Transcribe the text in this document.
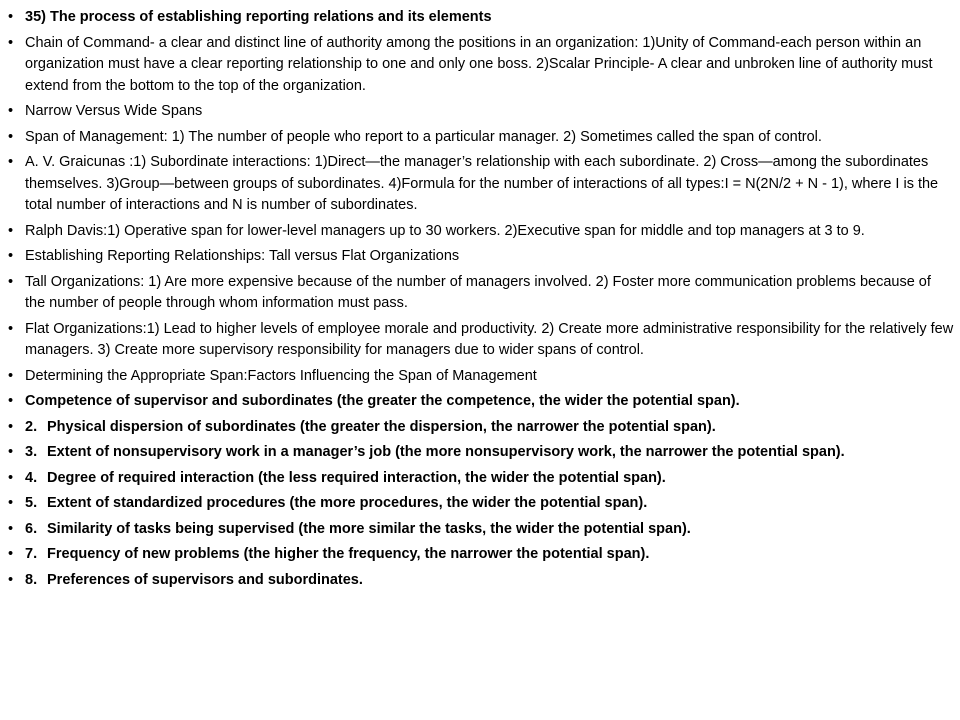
• 35) The process of establishing reporting relations and its elements
• Chain of Command- a clear and distinct line of authority among the positions in an organization: 1)Unity of Command-each person within an organization must have a clear reporting relationship to one and only one boss. 2)Scalar Principle- A clear and unbroken line of authority must extend from the bottom to the top of the organization.
• Narrow Versus Wide Spans
• Span of Management: 1) The number of people who report to a particular manager. 2) Sometimes called the span of control.
• A. V. Graicunas :1) Subordinate interactions: 1)Direct—the manager’s relationship with each subordinate. 2) Cross—among the subordinates themselves. 3)Group—between groups of subordinates. 4)Formula for the number of interactions of all types:I = N(2N/2 + N - 1), where I is the total number of interactions and N is number of subordinates.
• Ralph Davis:1) Operative span for lower-level managers up to 30 workers. 2)Executive span for middle and top managers at 3 to 9.
• Establishing Reporting Relationships: Tall versus Flat Organizations
• Tall Organizations: 1) Are more expensive because of the number of managers involved. 2) Foster more communication problems because of the number of people through whom information must pass.
• Flat Organizations:1) Lead to higher levels of employee morale and productivity. 2) Create more administrative responsibility for the relatively few managers. 3) Create more supervisory responsibility for managers due to wider spans of control.
• Determining the Appropriate Span:Factors Influencing the Span of Management
• Competence of supervisor and subordinates (the greater the competence, the wider the potential span).
• 2. Physical dispersion of subordinates (the greater the dispersion, the narrower the potential span).
• 3. Extent of nonsupervisory work in a manager’s job (the more nonsupervisory work, the narrower the potential span).
• 4. Degree of required interaction (the less required interaction, the wider the potential span).
• 5. Extent of standardized procedures (the more procedures, the wider the potential span).
• 6. Similarity of tasks being supervised (the more similar the tasks, the wider the potential span).
• 7. Frequency of new problems (the higher the frequency, the narrower the potential span).
• 8. Preferences of supervisors and subordinates.
